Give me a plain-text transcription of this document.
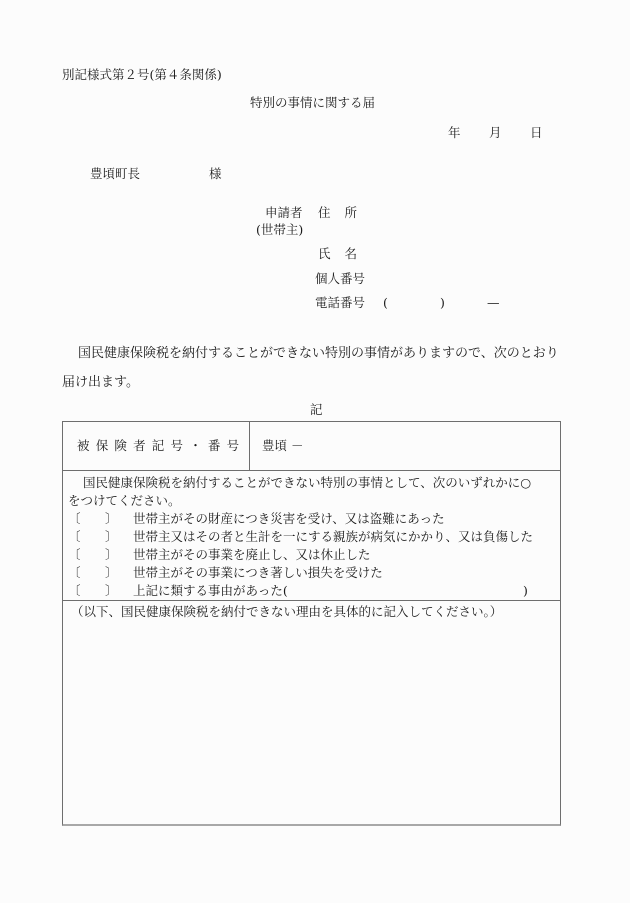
別記様式第２号(第４条関係)
特別の事情に関する届
年 月 日
豊頃町長	様
申請者
(世帯主)
住所
氏名
個人番号
電話番号 (	)	—
国民健康保険税を納付することができない特別の事情がありますので、次のとおり
届け出ます。
記
被保険者記号・番号 豊頃 －
国民健康保険税を納付することができない特別の事情として、次のいずれかに○
をつけてください。
〔 〕 世帯主がその財産につき災害を受け、又は盗難にあった
〔 〕 世帯主又はその者と生計を一にする親族が病気にかかり、又は負傷した
〔 〕 世帯主がその事業を廃止し、又は休止した
〔 〕 世帯主がその事業につき著しい損失を受けた
〔 〕 上記に類する事由があった(	)
（以下、国民健康保険税を納付できない理由を具体的に記入してください。）
